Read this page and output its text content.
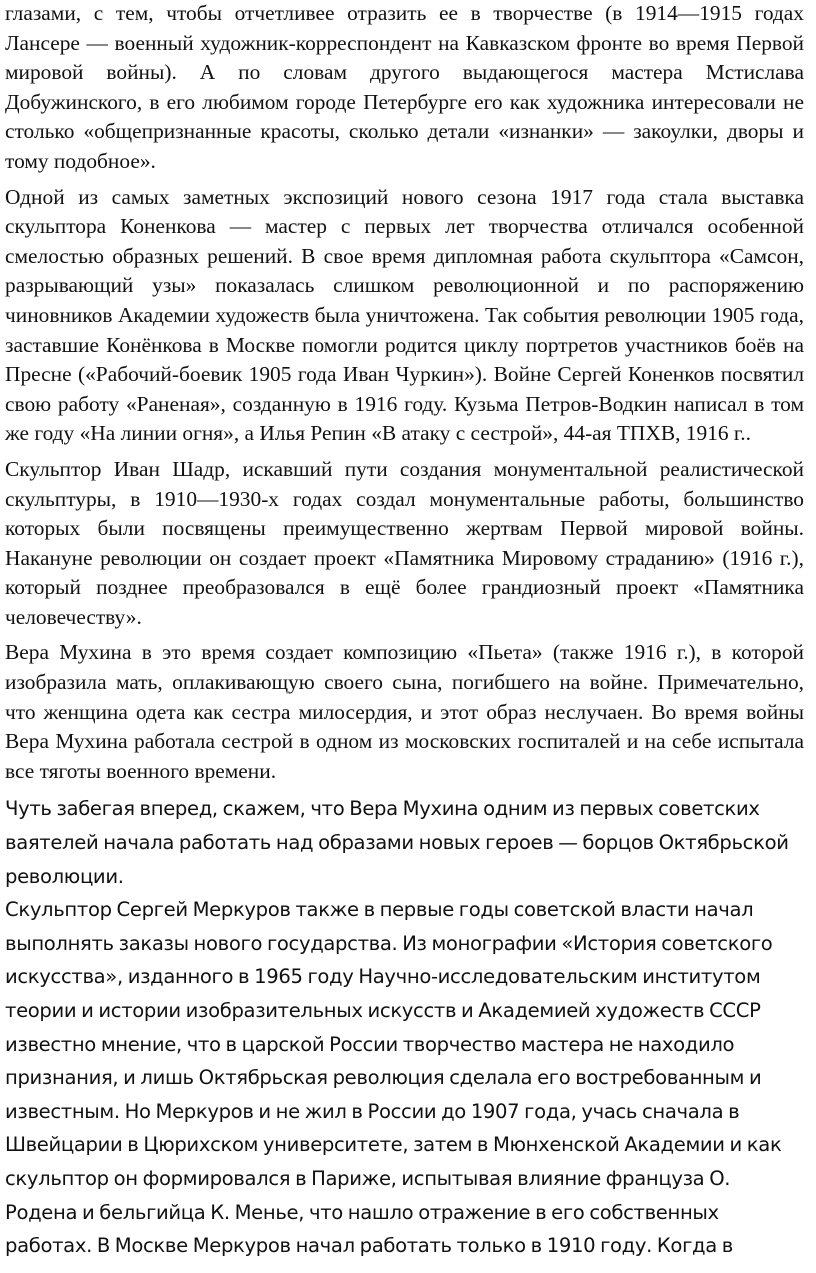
глазами, с тем, чтобы отчетливее отразить ее в творчестве (в 1914—1915 годах Лансере — военный художник-корреспондент на Кавказском фронте во время Первой мировой войны). А по словам другого выдающегося мастера Мстислава Добужинского, в его любимом городе Петербурге его как художника интересовали не столько «общепризнанные красоты, сколько детали «изнанки» — закоулки, дворы и тому подобное».

Одной из самых заметных экспозиций нового сезона 1917 года стала выставка скульптора Коненкова — мастер с первых лет творчества отличался особенной смелостью образных решений. В свое время дипломная работа скульптора «Самсон, разрывающий узы» показалась слишком революционной и по распоряжению чиновников Академии художеств была уничтожена. Так события революции 1905 года, заставшие Конёнкова в Москве помогли родится циклу портретов участников боёв на Пресне («Рабочий-боевик 1905 года Иван Чуркин»). Войне Сергей Коненков посвятил свою работу «Раненая», созданную в 1916 году. Кузьма Петров-Водкин написал в том же году «На линии огня», а Илья Репин «В атаку с сестрой», 44-ая ТПХВ, 1916 г..

Скульптор Иван Шадр, искавший пути создания монументальной реалистической скульптуры, в 1910—1930-х годах создал монументальные работы, большинство которых были посвящены преимущественно жертвам Первой мировой войны. Накануне революции он создает проект «Памятника Мировому страданию» (1916 г.), который позднее преобразовался в ещё более грандиозный проект «Памятника человечеству».

Вера Мухина в это время создает композицию «Пьета» (также 1916 г.), в которой изобразила мать, оплакивающую своего сына, погибшего на войне. Примечательно, что женщина одета как сестра милосердия, и этот образ неслучаен. Во время войны Вера Мухина работала сестрой в одном из московских госпиталей и на себе испытала все тяготы военного времени.

Чуть забегая вперед, скажем, что Вера Мухина одним из первых советских ваятелей начала работать над образами новых героев — борцов Октябрьской революции.

Скульптор Сергей Меркуров также в первые годы советской власти начал выполнять заказы нового государства. Из монографии «История советского искусства», изданного в 1965 году Научно-исследовательским институтом теории и истории изобразительных искусств и Академией художеств СССР известно мнение, что в царской России творчество мастера не находило признания, и лишь Октябрьская революция сделала его востребованным и известным. Но Меркуров и не жил в России до 1907 года, учась сначала в Швейцарии в Цюрихском университете, затем в Мюнхенской Академии и как скульптор он формировался в Париже, испытывая влияние француза О. Родена и бельгийца К. Менье, что нашло отражение в его собственных работах. В Москве Меркуров начал работать только в 1910 году. Когда в
